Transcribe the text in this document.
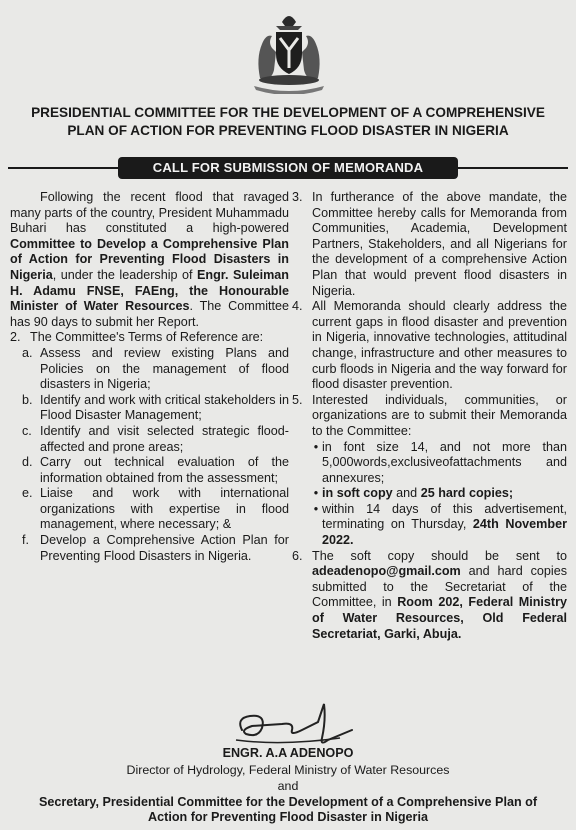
PRESIDENTIAL COMMITTEE FOR THE DEVELOPMENT OF A COMPREHENSIVE
PLAN OF ACTION FOR PREVENTING FLOOD DISASTER IN NIGERIA
CALL FOR SUBMISSION OF MEMORANDA

Following the recent flood that ravaged many parts of the country, President Muhammadu Buhari has constituted a high-powered Committee to Develop a Comprehensive Plan of Action for Preventing Flood Disasters in Nigeria, under the leadership of Engr. Suleiman H. Adamu FNSE, FAEng, the Honourable Minister of Water Resources. The Committee has 90 days to submit her Report.

2. The Committee's Terms of Reference are:
a. Assess and review existing Plans and Policies on the management of flood disasters in Nigeria;
b. Identify and work with critical stakeholders in Flood Disaster Management;
c. Identify and visit selected strategic flood-affected and prone areas;
d. Carry out technical evaluation of the information obtained from the assessment;
e. Liaise and work with international organizations with expertise in flood management, where necessary; &
f. Develop a Comprehensive Action Plan for Preventing Flood Disasters in Nigeria.
3. In furtherance of the above mandate, the Committee hereby calls for Memoranda from Communities, Academia, Development Partners, Stakeholders, and all Nigerians for the development of a comprehensive Action Plan that would prevent flood disasters in Nigeria.
4. All Memoranda should clearly address the current gaps in flood disaster and prevention in Nigeria, innovative technologies, attitudinal change, infrastructure and other measures to curb floods in Nigeria and the way forward for flood disaster prevention.
5. Interested individuals, communities, or organizations are to submit their Memoranda to the Committee:
• in font size 14, and not more than 5,000words,exclusiveofattachments and annexures;
• in soft copy and 25 hard copies;
• within 14 days of this advertisement, terminating on Thursday, 24th November 2022.
6. The soft copy should be sent to adeadenopo@gmail.com and hard copies submitted to the Secretariat of the Committee, in Room 202, Federal Ministry of Water Resources, Old Federal Secretariat, Garki, Abuja.
ENGR. A.A ADENOPO
Director of Hydrology, Federal Ministry of Water Resources
and
Secretary, Presidential Committee for the Development of a Comprehensive Plan of
Action for Preventing Flood Disaster in Nigeria
